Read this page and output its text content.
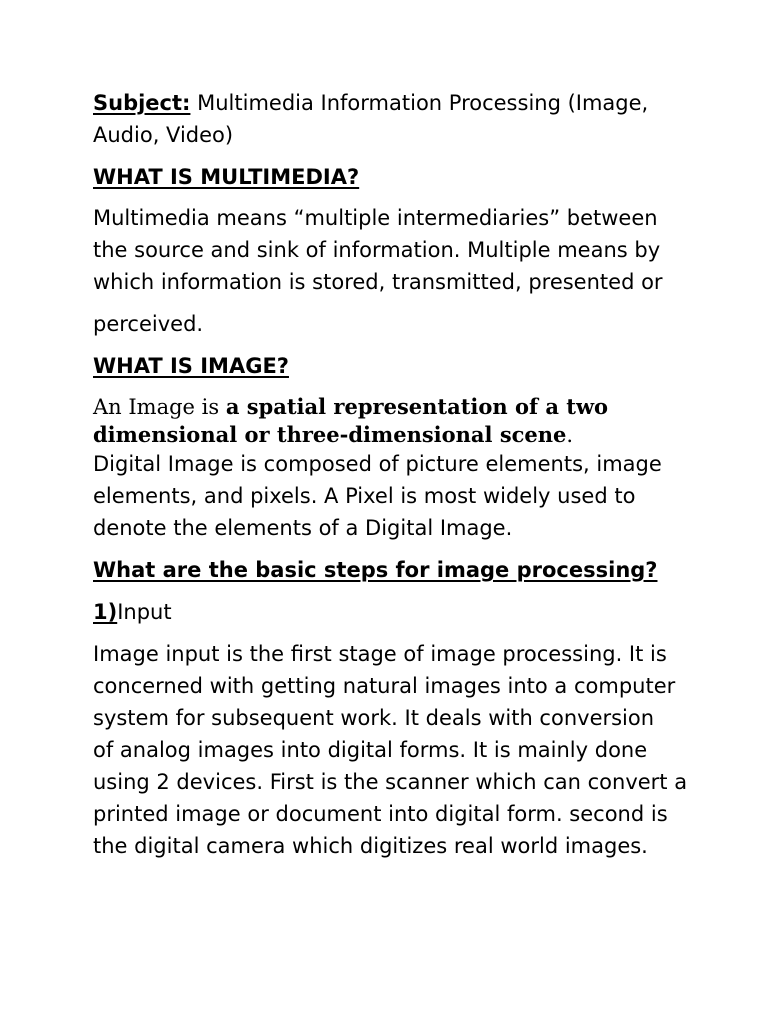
Subject: Multimedia Information Processing (Image,
Audio, Video)
WHAT IS MULTIMEDIA?
Multimedia means “multiple intermediaries” between
the source and sink of information. Multiple means by
which information is stored, transmitted, presented or
perceived.
WHAT IS IMAGE?
An Image is a spatial representation of a two
dimensional or three-dimensional scene.
Digital Image is composed of picture elements, image
elements, and pixels. A Pixel is most widely used to
denote the elements of a Digital Image.
What are the basic steps for image processing?
1)Input
Image input is the first stage of image processing. It is
concerned with getting natural images into a computer
system for subsequent work. It deals with conversion
of analog images into digital forms. It is mainly done
using 2 devices. First is the scanner which can convert a
printed image or document into digital form. second is
the digital camera which digitizes real world images.
